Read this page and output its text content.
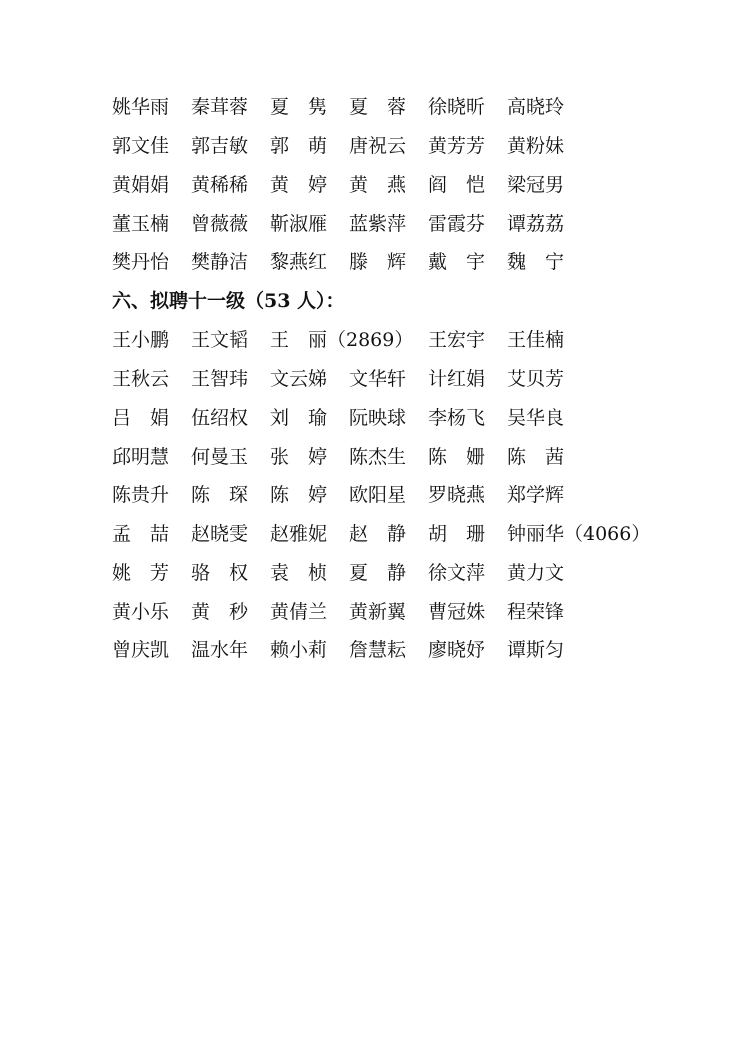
姚华雨 秦茸蓉 夏　隽 夏　蓉 徐晓昕 高晓玲
郭文佳 郭吉敏 郭　萌 唐祝云 黄芳芳 黄粉妹
黄娟娟 黄稀稀 黄　婷 黄　燕 阎　恺 梁冠男
董玉楠 曾薇薇 靳淑雁 蓝紫萍 雷霞芬 谭荔荔
樊丹怡 樊静洁 黎燕红 滕　辉 戴　宇 魏　宁
六、拟聘十一级（53 人）：
王小鹏 王文韬 王　丽（2869） 王宏宇 王佳楠
王秋云 王智玮 文云娣 文华轩 计红娟 艾贝芳
吕　娟 伍绍权 刘　瑜 阮映球 李杨飞 吴华良
邱明慧 何曼玉 张　婷 陈杰生 陈　姗 陈　茜
陈贵升 陈　琛 陈　婷 欧阳星 罗晓燕 郑学辉
孟　喆 赵晓雯 赵雅妮 赵　静 胡　珊 钟丽华（4066）
姚　芳 骆　权 袁　桢 夏　静 徐文萍 黄力文
黄小乐 黄　秒 黄倩兰 黄新翼 曹冠姝 程荣锋
曾庆凯 温水年 赖小莉 詹慧耘 廖晓妤 谭斯匀
